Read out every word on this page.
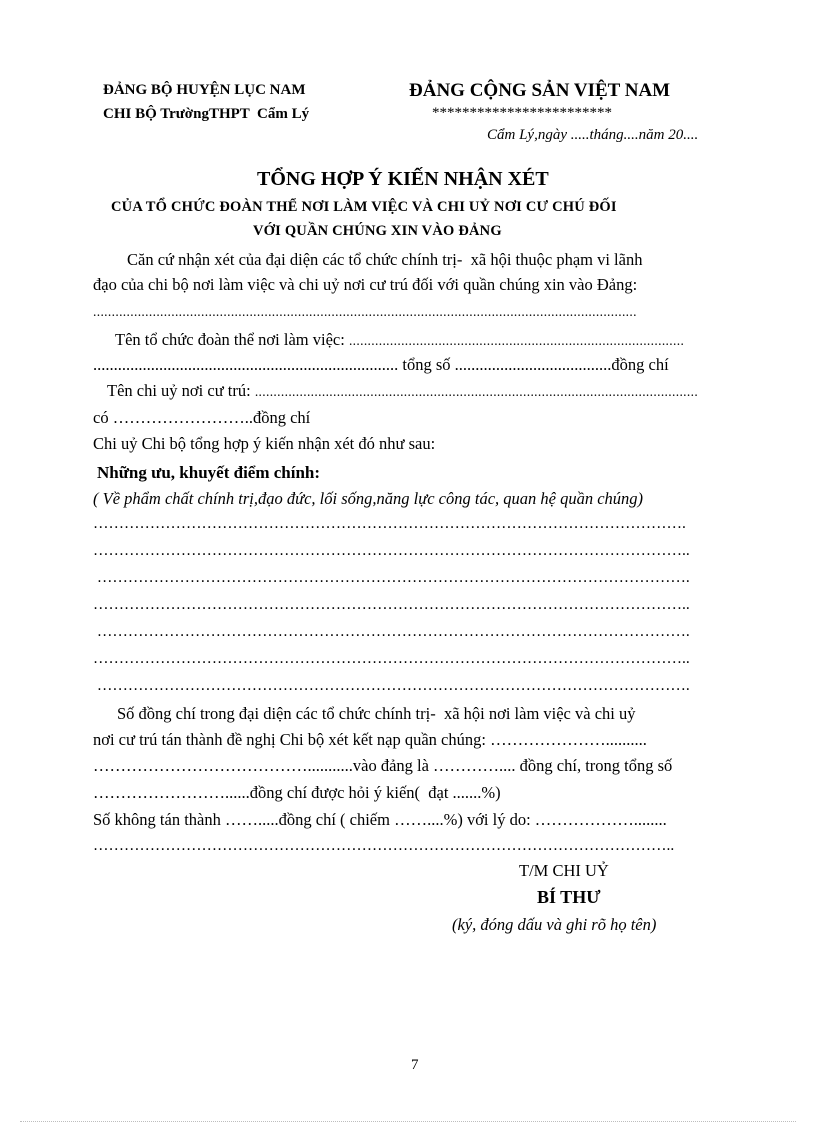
ĐẢNG BỘ HUYỆN LỤC NAM
CHI BỘ TrườngTHPT  Cẩm Lý
ĐẢNG CỘNG SẢN VIỆT NAM
************************
Cẩm Lý,ngày .....tháng....năm 20....
TỔNG HỢP Ý KIẾN NHẬN XÉT
CỦA TỔ CHỨC ĐOÀN THỂ NƠI LÀM VIỆC VÀ CHI UỶ NƠI CƯ CHÚ ĐỐI
VỚI QUẦN CHÚNG XIN VÀO ĐẢNG
Căn cứ nhận xét của đại diện các tổ chức chính trị-  xã hội thuộc phạm vi lãnh
đạo của chi bộ nơi làm việc và chi uỷ nơi cư trú đối với quần chúng xin vào Đảng:
..................................................................................................................................................
Tên tổ chức đoàn thể nơi làm việc: ..........................................................................................
.......................................................................... tổng số ......................................đồng chí
Tên chi uỷ nơi cư trú: .......................................................................................................................
có ……………………..đồng chí
Chi uỷ Chi bộ tổng hợp ý kiến nhận xét đó như sau:
Những ưu, khuyết điểm chính:
( Về phẩm chất chính trị,đạo đức, lối sống,năng lực công tác, quan hệ quần chúng)
…………………………………………………………………………………………………….
……………………………………………………………………………………………………..
…………………………………………………………………………………………………….
……………………………………………………………………………………………………..
…………………………………………………………………………………………………….
……………………………………………………………………………………………………..
…………………………………………………………………………………………………….
Số đồng chí trong đại diện các tổ chức chính trị-  xã hội nơi làm việc và chi uỷ
nơi cư trú tán thành đề nghị Chi bộ xét kết nạp quần chúng: …………………..........
…………………………………...........vào đảng là ………….... đồng chí, trong tổng số
……………………......đồng chí được hỏi ý kiến(  đạt .......%)
Số không tán thành …….....đồng chí ( chiếm ……....%) với lý do: ………………........
…………………………………………………………………………………………………..
T/M CHI UỶ
BÍ THƯ
(ký, đóng dấu và ghi rõ họ tên)
7
